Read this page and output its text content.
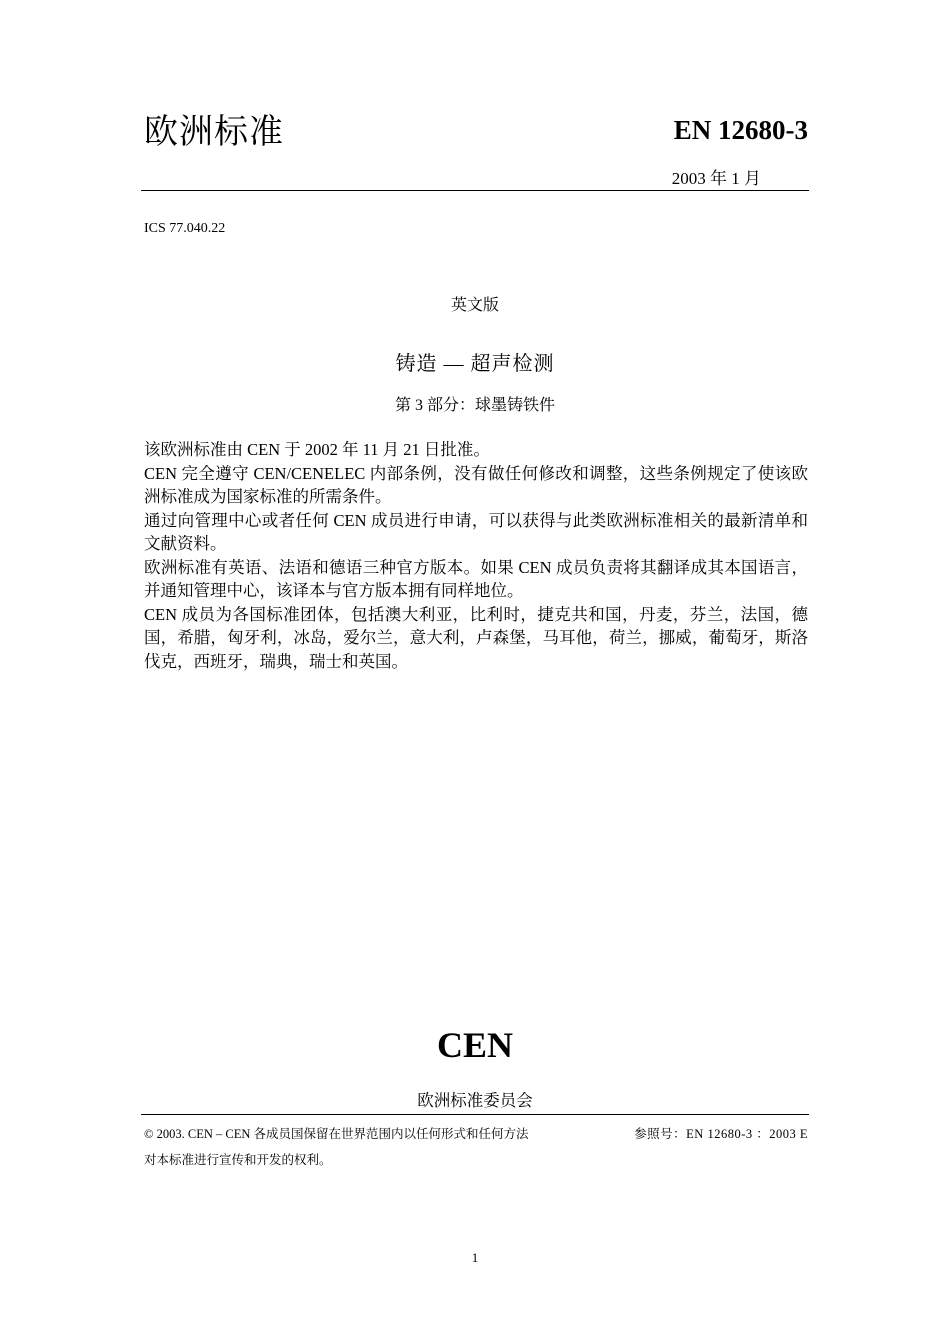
欧洲标准	EN 12680-3
2003 年 1 月
ICS 77.040.22
英文版
铸造 — 超声检测
第 3 部分：球墨铸铁件

该欧洲标准由 CEN 于 2002 年 11 月 21 日批准。

CEN 完全遵守 CEN/CENELEC 内部条例，没有做任何修改和调整，这些条例规定了使该欧洲标准成为国家标准的所需条件。

通过向管理中心或者任何 CEN 成员进行申请，可以获得与此类欧洲标准相关的最新清单和文献资料。

欧洲标准有英语、法语和德语三种官方版本。如果 CEN 成员负责将其翻译成其本国语言，并通知管理中心，该译本与官方版本拥有同样地位。

CEN 成员为各国标准团体，包括澳大利亚，比利时，捷克共和国，丹麦，芬兰，法国，德国，希腊，匈牙利，冰岛，爱尔兰，意大利，卢森堡，马耳他，荷兰，挪威，葡萄牙，斯洛伐克，西班牙，瑞典，瑞士和英国。

CEN
欧洲标准委员会
© 2003. CEN – CEN 各成员国保留在世界范围内以任何形式和任何方法对本标准进行宣传和开发的权利。
参照号：EN 12680-3 ：2003 E
1
